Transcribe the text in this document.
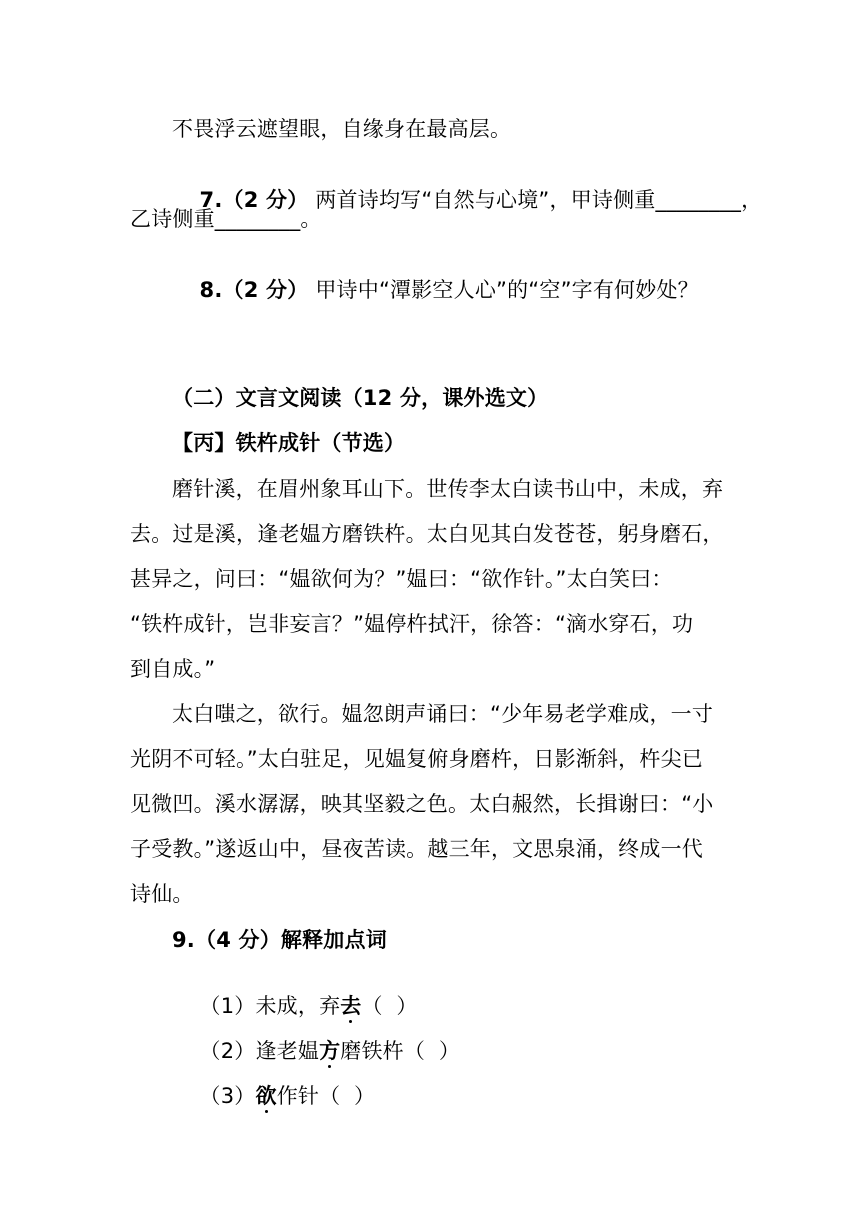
不畏浮云遮望眼，自缘身在最高层。

7.（2 分） 两首诗均写“自然与心境”，甲诗侧重________，

乙诗侧重________。

8.（2 分） 甲诗中“潭影空人心”的“空”字有何妙处？

（二）文言文阅读（12 分，课外选文）
【丙】铁杵成针（节选）
磨针溪，在眉州象耳山下。世传李太白读书山中，未成，弃
去。过是溪，逢老媪方磨铁杵。太白见其白发苍苍，躬身磨石，
甚异之，问曰：“媪欲何为？”媪曰：“欲作针。”太白笑曰：
“铁杵成针，岂非妄言？”媪停杵拭汗，徐答：“滴水穿石，功
到自成。”
太白嗤之，欲行。媪忽朗声诵曰：“少年易老学难成，一寸
光阴不可轻。”太白驻足，见媪复俯身磨杵，日影渐斜，杵尖已
见微凹。溪水潺潺，映其坚毅之色。太白赧然，长揖谢曰：“小
子受教。”遂返山中，昼夜苦读。越三年，文思泉涌，终成一代
诗仙。
9.（4 分）解释加点词

（1）未成，弃去（  ）

（2）逢老媪方磨铁杵（  ）

（3）欲作针（  ）
